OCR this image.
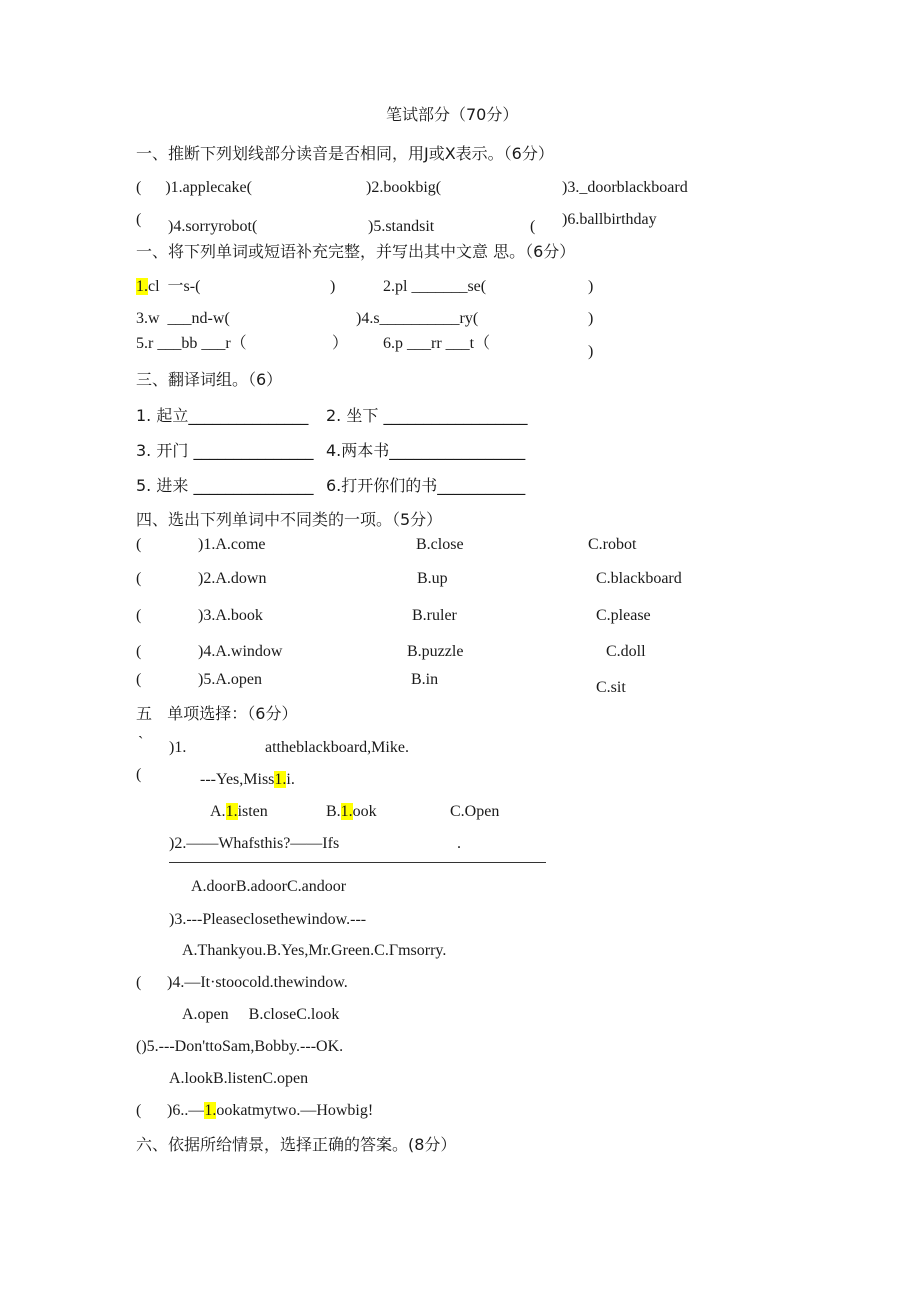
笔试部分（70分）
一、推断下列划线部分读音是否相同，用J或X表示。（6分）
(      )1.applecake(	)2.bookbig(	)3._doorblackboard
( )4.sorryrobot(	)5.standsit	( )6.ballbirthday
一、将下列单词或短语补充完整，并写出其中文意 思。（6分）
1.cl  一s-(	)	2.pl _______se(	)
3.w  ___nd-w(	)4.s__________ry(	)
5.r ___bb ___r（	） 6.p ___rr ___t（	)
三、翻译词组。（6）
1. 起立_______________ 2. 坐下 __________________
3. 开门 _______________ 4.两本书_________________
5. 进来 _______________ 6.打开你们的书___________
四、选出下列单词中不同类的一项。（5分）
(	)1.A.come	B.close	C.robot
(	)2.A.down	B.up	C.blackboard
(	)3.A.book	B.ruler	C.please
(	)4.A.window	B.puzzle	C.doll
(	)5.A.open	B.in	C.sit
五   单项选择：（6分）
` )1.	attheblackboard,Mike.
(	---Yes,Miss1.i.
A.1.isten	B.1.ook	C.Open
)2.——Whafsthis?——Ifs	.
A.doorB.adoorC.andoor
)3.---Pleaseclosethewindow.---
A.Thankyou.B.Yes,Mr.Green.C.Γmsorry.
( )4.—It·stoocold.thewindow.
A.open     B.closeC.look
()5.---Don'ttoSam,Bobby.---OK.
A.lookB.listenC.open
( )6..—1.ookatmytwo.—Howbig!
六、依据所给情景，选择正确的答案。(8分）
